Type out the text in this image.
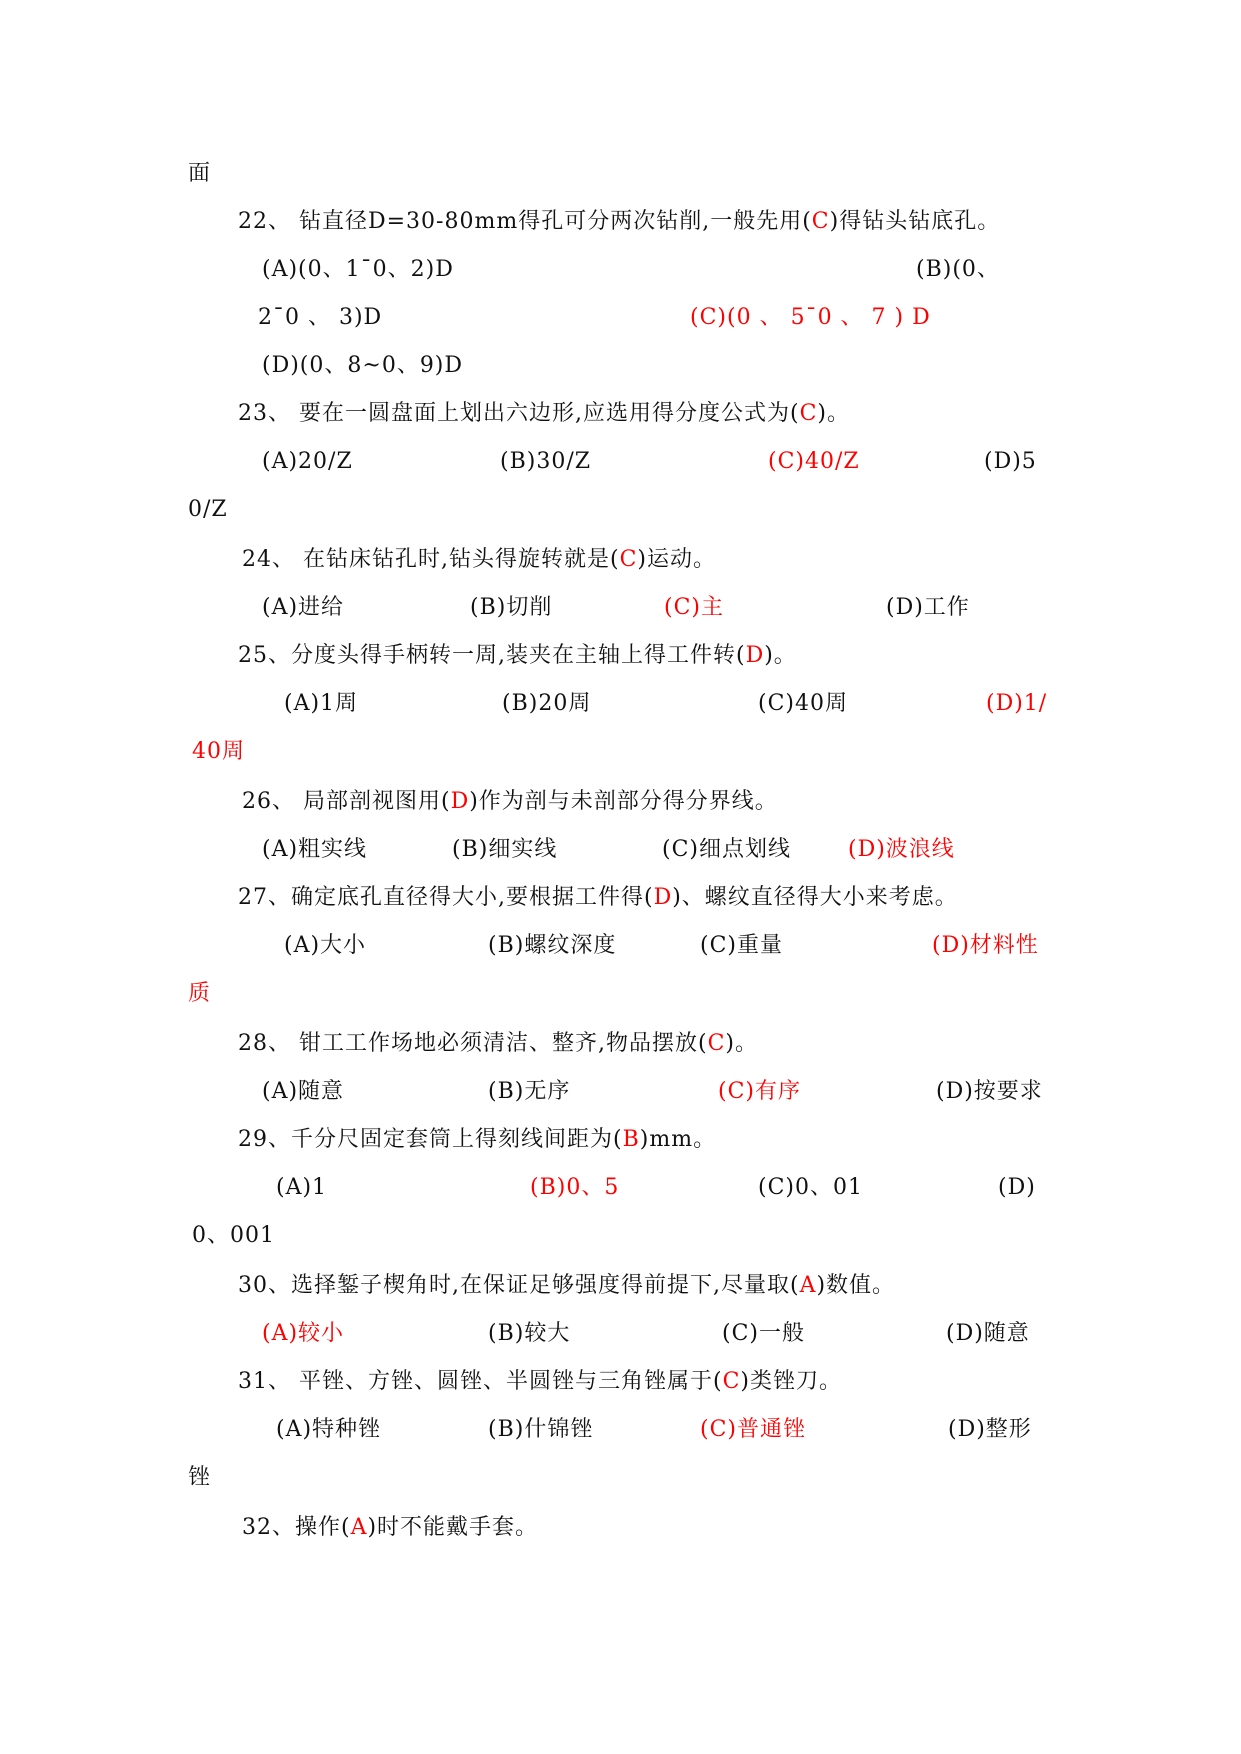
面
22、 钻直径D=30-80mm得孔可分两次钻削,一般先用(C)得钻头钻底孔。
(A)(0、1¯0、2)D	(B)(0、
2¯0 、 3)D	(C)(0 、 5¯0 、 7 ) D
(D)(0、8~0、9)D
23、 要在一圆盘面上划出六边形,应选用得分度公式为(C)。
(A)20/Z	(B)30/Z	(C)40/Z	(D)5
0/Z
24、 在钻床钻孔时,钻头得旋转就是(C)运动。
(A)进给	(B)切削	(C)主	(D)工作
25、分度头得手柄转一周,装夹在主轴上得工件转(D)。
(A)1周	(B)20周	(C)40周	(D)1/
40周
26、 局部剖视图用(D)作为剖与未剖部分得分界线。
(A)粗实线	(B)细实线	(C)细点划线	(D)波浪线
27、确定底孔直径得大小,要根据工件得(D)、螺纹直径得大小来考虑。
(A)大小	(B)螺纹深度	(C)重量	(D)材料性
质
28、 钳工工作场地必须清洁、整齐,物品摆放(C)。
(A)随意	(B)无序	(C)有序	(D)按要求
29、千分尺固定套筒上得刻线间距为(B)mm。
(A)1	(B)0、5	(C)0、01	(D)
0、001
30、选择錾子楔角时,在保证足够强度得前提下,尽量取(A)数值。
(A)较小	(B)较大	(C)一般	(D)随意
31、 平锉、方锉、圆锉、半圆锉与三角锉属于(C)类锉刀。
(A)特种锉	(B)什锦锉	(C)普通锉	(D)整形
锉
32、操作(A)时不能戴手套。
